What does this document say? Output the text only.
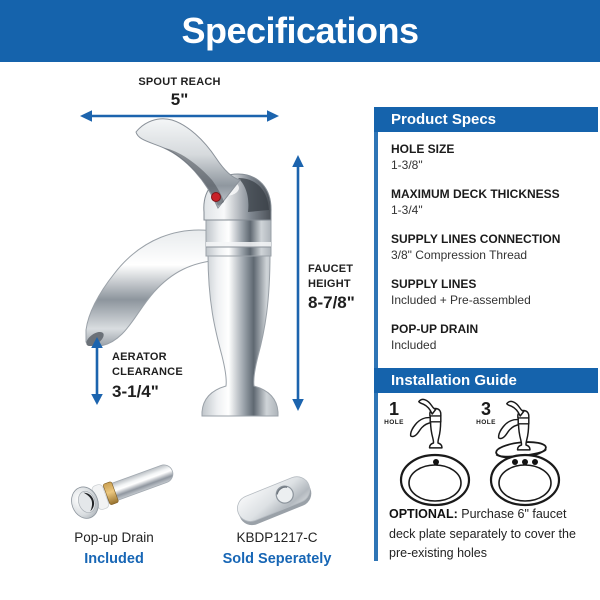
Specifications
SPOUT REACH
5"
FAUCET
HEIGHT
8-7/8"
AERATOR
CLEARANCE
3-1/4"
Product Specs
HOLE SIZE
1-3/8"
MAXIMUM DECK THICKNESS
1-3/4"
SUPPLY LINES CONNECTION
3/8" Compression Thread
SUPPLY LINES
Included + Pre-assembled
POP-UP DRAIN
Included
Installation Guide
1
HOLE
3
HOLE
OPTIONAL: Purchase 6" faucet deck plate separately to cover the pre-existing holes
Pop-up Drain
Included
KBDP1217-C
Sold Seperately
